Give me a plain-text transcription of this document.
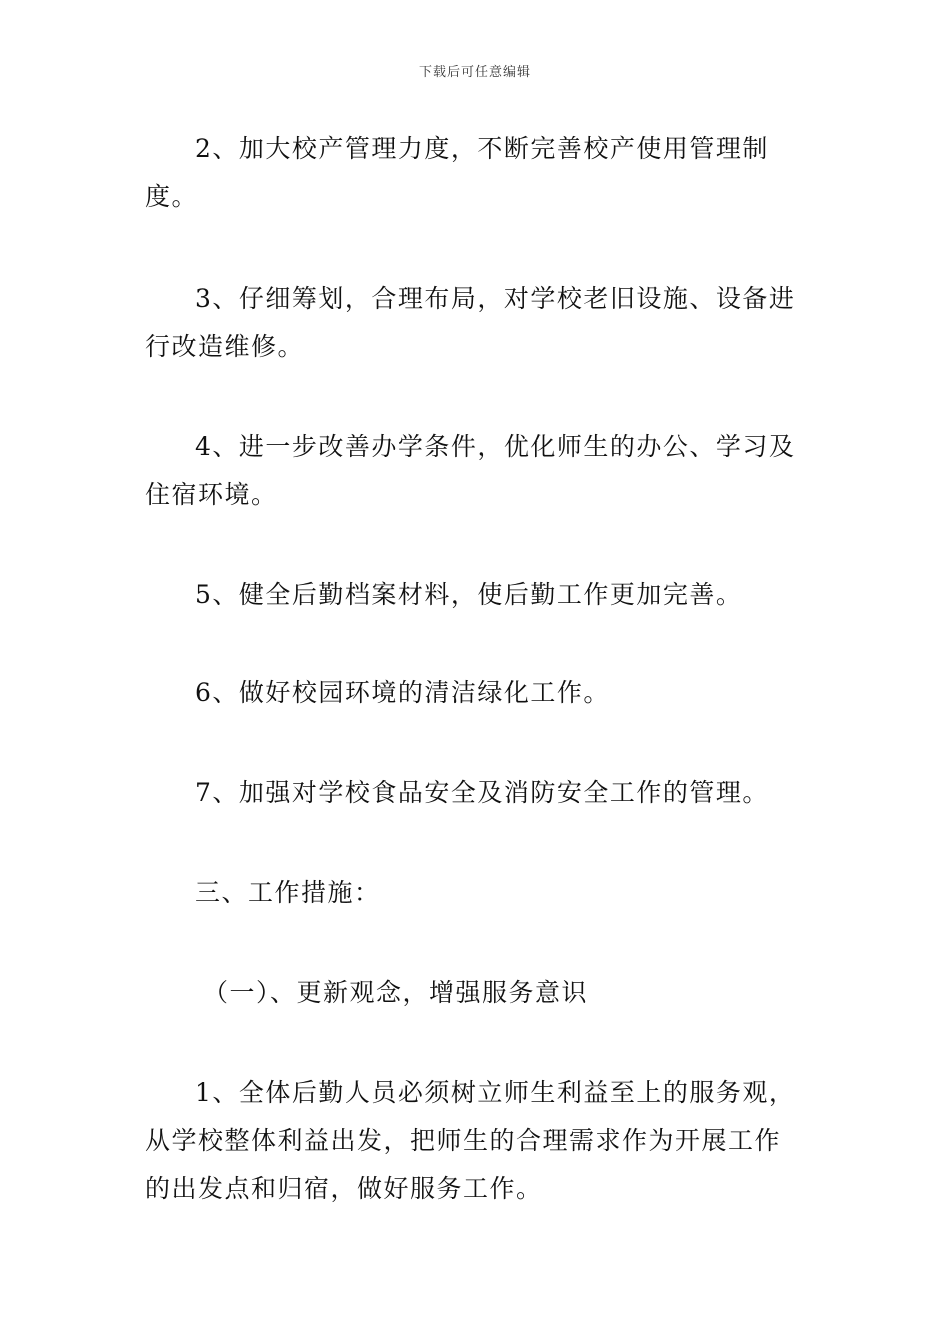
下载后可任意编辑

2、加大校产管理力度，不断完善校产使用管理制度。

3、仔细筹划，合理布局，对学校老旧设施、设备进行改造维修。

4、进一步改善办学条件，优化师生的办公、学习及住宿环境。

5、健全后勤档案材料，使后勤工作更加完善。

6、做好校园环境的清洁绿化工作。

7、加强对学校食品安全及消防安全工作的管理。

三、工作措施：

（一）、更新观念，增强服务意识

1、全体后勤人员必须树立师生利益至上的服务观，从学校整体利益出发，把师生的合理需求作为开展工作的出发点和归宿，做好服务工作。
